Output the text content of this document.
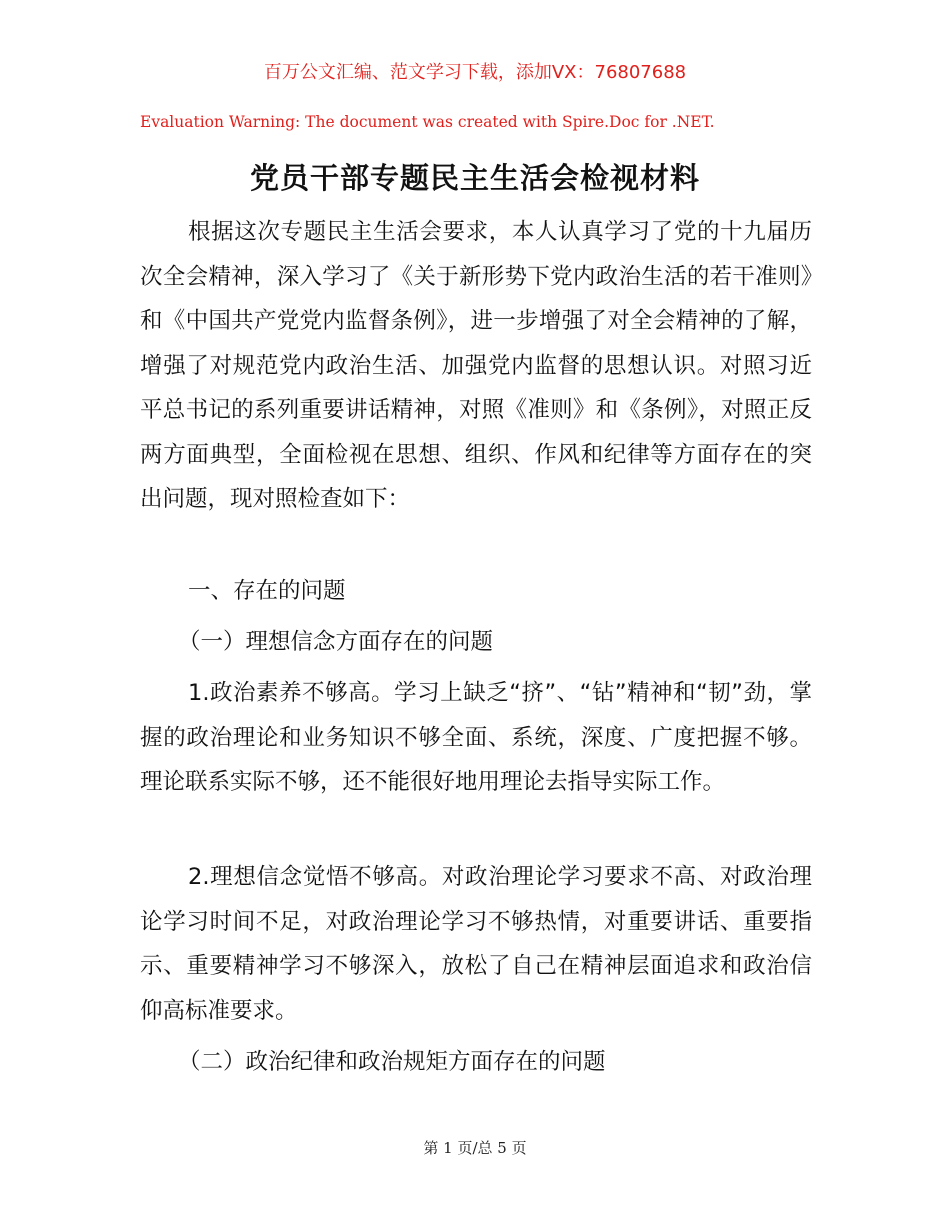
百万公文汇编、范文学习下载，添加VX：76807688
Evaluation Warning: The document was created with Spire.Doc for .NET.
党员干部专题民主生活会检视材料

根据这次专题民主生活会要求，本人认真学习了党的十九届历次全会精神，深入学习了《关于新形势下党内政治生活的若干准则》和《中国共产党党内监督条例》，进一步增强了对全会精神的了解，增强了对规范党内政治生活、加强党内监督的思想认识。对照习近平总书记的系列重要讲话精神，对照《准则》和《条例》，对照正反两方面典型，全面检视在思想、组织、作风和纪律等方面存在的突出问题，现对照检查如下：

一、存在的问题
（一）理想信念方面存在的问题

1.政治素养不够高。学习上缺乏“挤”、“钻”精神和“韧”劲，掌握的政治理论和业务知识不够全面、系统，深度、广度把握不够。理论联系实际不够，还不能很好地用理论去指导实际工作。

2.理想信念觉悟不够高。对政治理论学习要求不高、对政治理论学习时间不足，对政治理论学习不够热情，对重要讲话、重要指示、重要精神学习不够深入，放松了自己在精神层面追求和政治信仰高标准要求。

（二）政治纪律和政治规矩方面存在的问题
第 1 页/总 5 页
